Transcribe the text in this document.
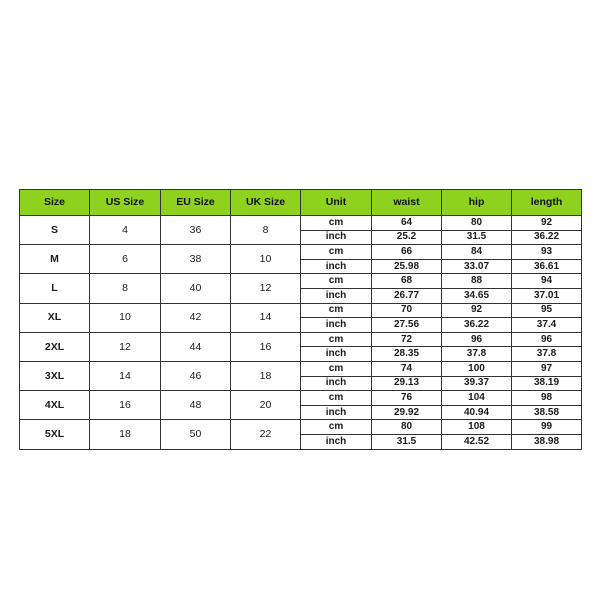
Size	US Size	EU Size	UK Size	Unit	waist	hip	length
S	4	36	8	cm	64	80	92
				inch	25.2	31.5	36.22
M	6	38	10	cm	66	84	93
				inch	25.98	33.07	36.61
L	8	40	12	cm	68	88	94
				inch	26.77	34.65	37.01
XL	10	42	14	cm	70	92	95
				inch	27.56	36.22	37.4
2XL	12	44	16	cm	72	96	96
				inch	28.35	37.8	37.8
3XL	14	46	18	cm	74	100	97
				inch	29.13	39.37	38.19
4XL	16	48	20	cm	76	104	98
				inch	29.92	40.94	38.58
5XL	18	50	22	cm	80	108	99
				inch	31.5	42.52	38.98
